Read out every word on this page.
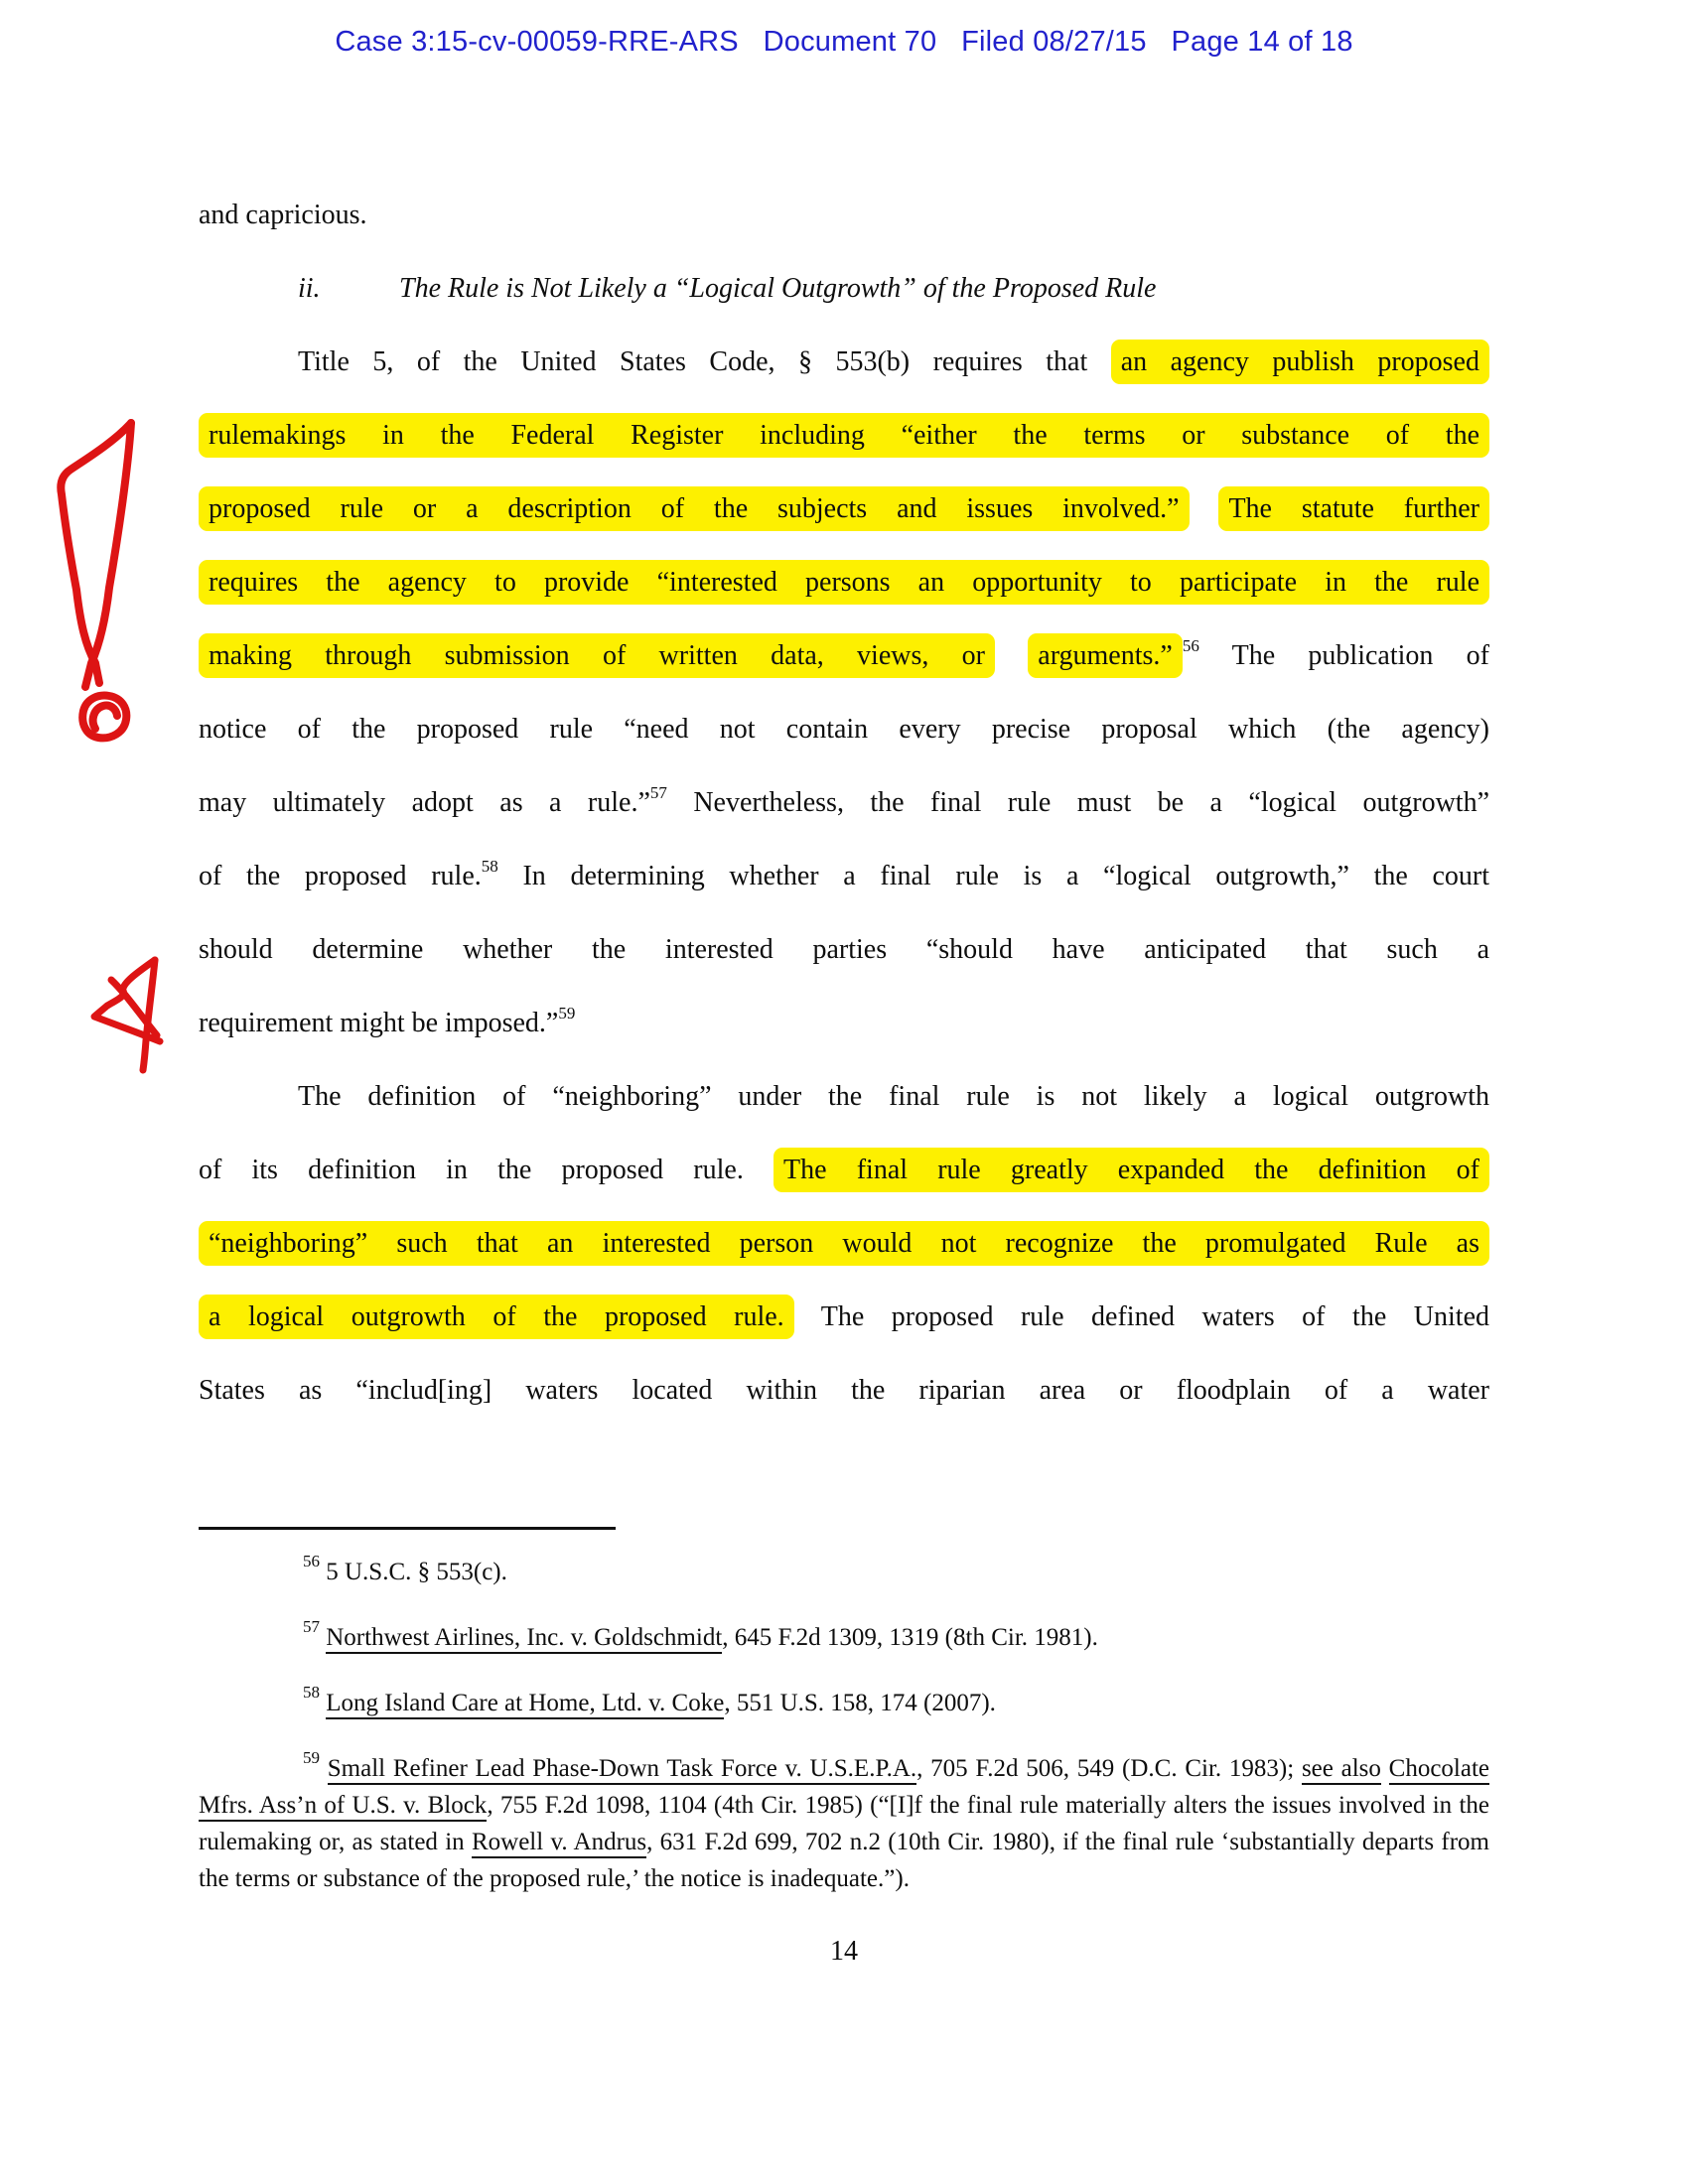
Case 3:15-cv-00059-RRE-ARS   Document 70   Filed 08/27/15   Page 14 of 18
and capricious.
ii.	The Rule is Not Likely a “Logical Outgrowth” of the Proposed Rule
Title 5, of the United States Code, § 553(b) requires that an agency publish proposed
rulemakings in the Federal Register including “either the terms or substance of the
proposed rule or a description of the subjects and issues involved.” The statute further
requires the agency to provide “interested persons an opportunity to participate in the rule
making through submission of written data, views, or arguments.” $^{56}$ The publication of
notice of the proposed rule “need not contain every precise proposal which (the agency)
may ultimately adopt as a rule.”$^{57}$ Nevertheless, the final rule must be a “logical outgrowth”
of the proposed rule.$^{58}$ In determining whether a final rule is a “logical outgrowth,” the court
should determine whether the interested parties “should have anticipated that such a
requirement might be imposed.”$^{59}$
The definition of “neighboring” under the final rule is not likely a logical outgrowth
of its definition in the proposed rule. The final rule greatly expanded the definition of
“neighboring” such that an interested person would not recognize the promulgated Rule as
a logical outgrowth of the proposed rule. The proposed rule defined waters of the United
States as “includ[ing] waters located within the riparian area or floodplain of a water

$^{56}$ 5 U.S.C. § 553(c).

$^{57}$ Northwest Airlines, Inc. v. Goldschmidt, 645 F.2d 1309, 1319 (8th Cir. 1981).

$^{58}$ Long Island Care at Home, Ltd. v. Coke, 551 U.S. 158, 174 (2007).

$^{59}$ Small Refiner Lead Phase-Down Task Force v. U.S.E.P.A., 705 F.2d 506, 549 (D.C. Cir. 1983); see also Chocolate Mfrs. Ass’n of U.S. v. Block, 755 F.2d 1098, 1104 (4th Cir. 1985) (“[I]f the final rule materially alters the issues involved in the rulemaking or, as stated in Rowell v. Andrus, 631 F.2d 699, 702 n.2 (10th Cir. 1980), if the final rule ‘substantially departs from the terms or substance of the proposed rule,’ the notice is inadequate.”).

14
